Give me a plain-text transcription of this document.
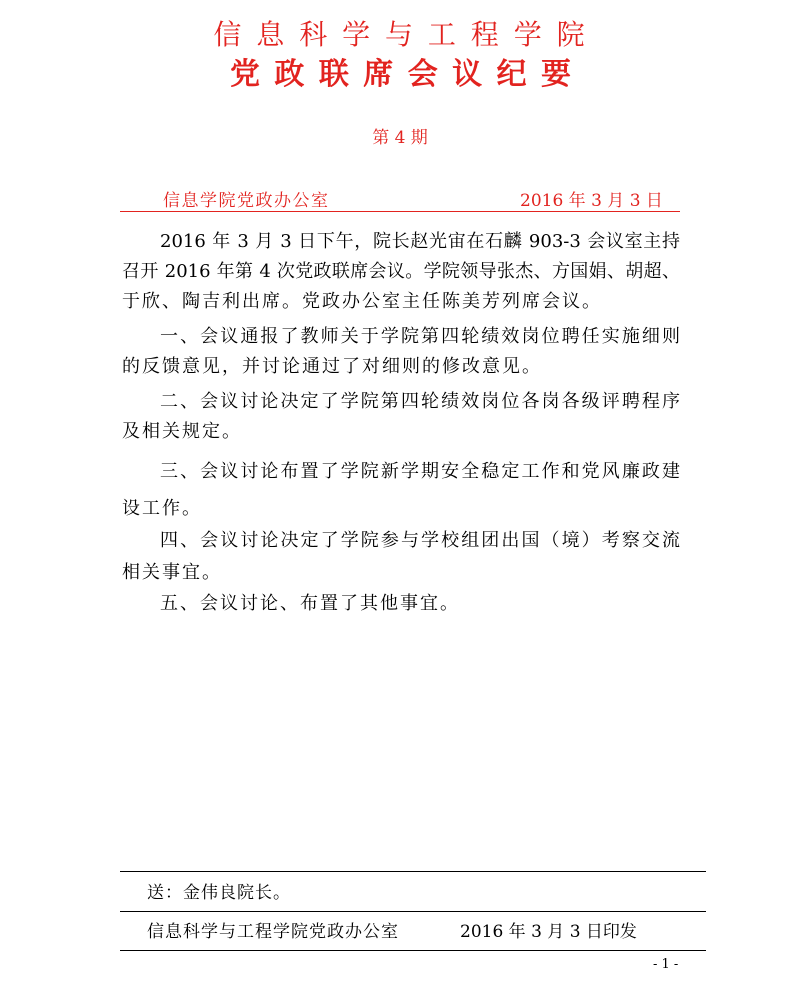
信 息 科 学 与 工 程 学 院
党 政 联 席 会 议 纪 要
第 4 期
信息学院党政办公室	2016 年 3 月 3 日
2016 年 3 月 3 日下午，院长赵光宙在石麟 903-3 会议室主持
召开 2016 年第 4 次党政联席会议。学院领导张杰、方国娟、胡超、
于欣、陶吉利出席。党政办公室主任陈美芳列席会议。
一、会议通报了教师关于学院第四轮绩效岗位聘任实施细则
的反馈意见，并讨论通过了对细则的修改意见。
二、会议讨论决定了学院第四轮绩效岗位各岗各级评聘程序
及相关规定。
三、会议讨论布置了学院新学期安全稳定工作和党风廉政建
设工作。
四、会议讨论决定了学院参与学校组团出国（境）考察交流
相关事宜。
五、会议讨论、布置了其他事宜。
送：金伟良院长。
信息科学与工程学院党政办公室	2016 年 3 月 3 日印发
- 1 -
